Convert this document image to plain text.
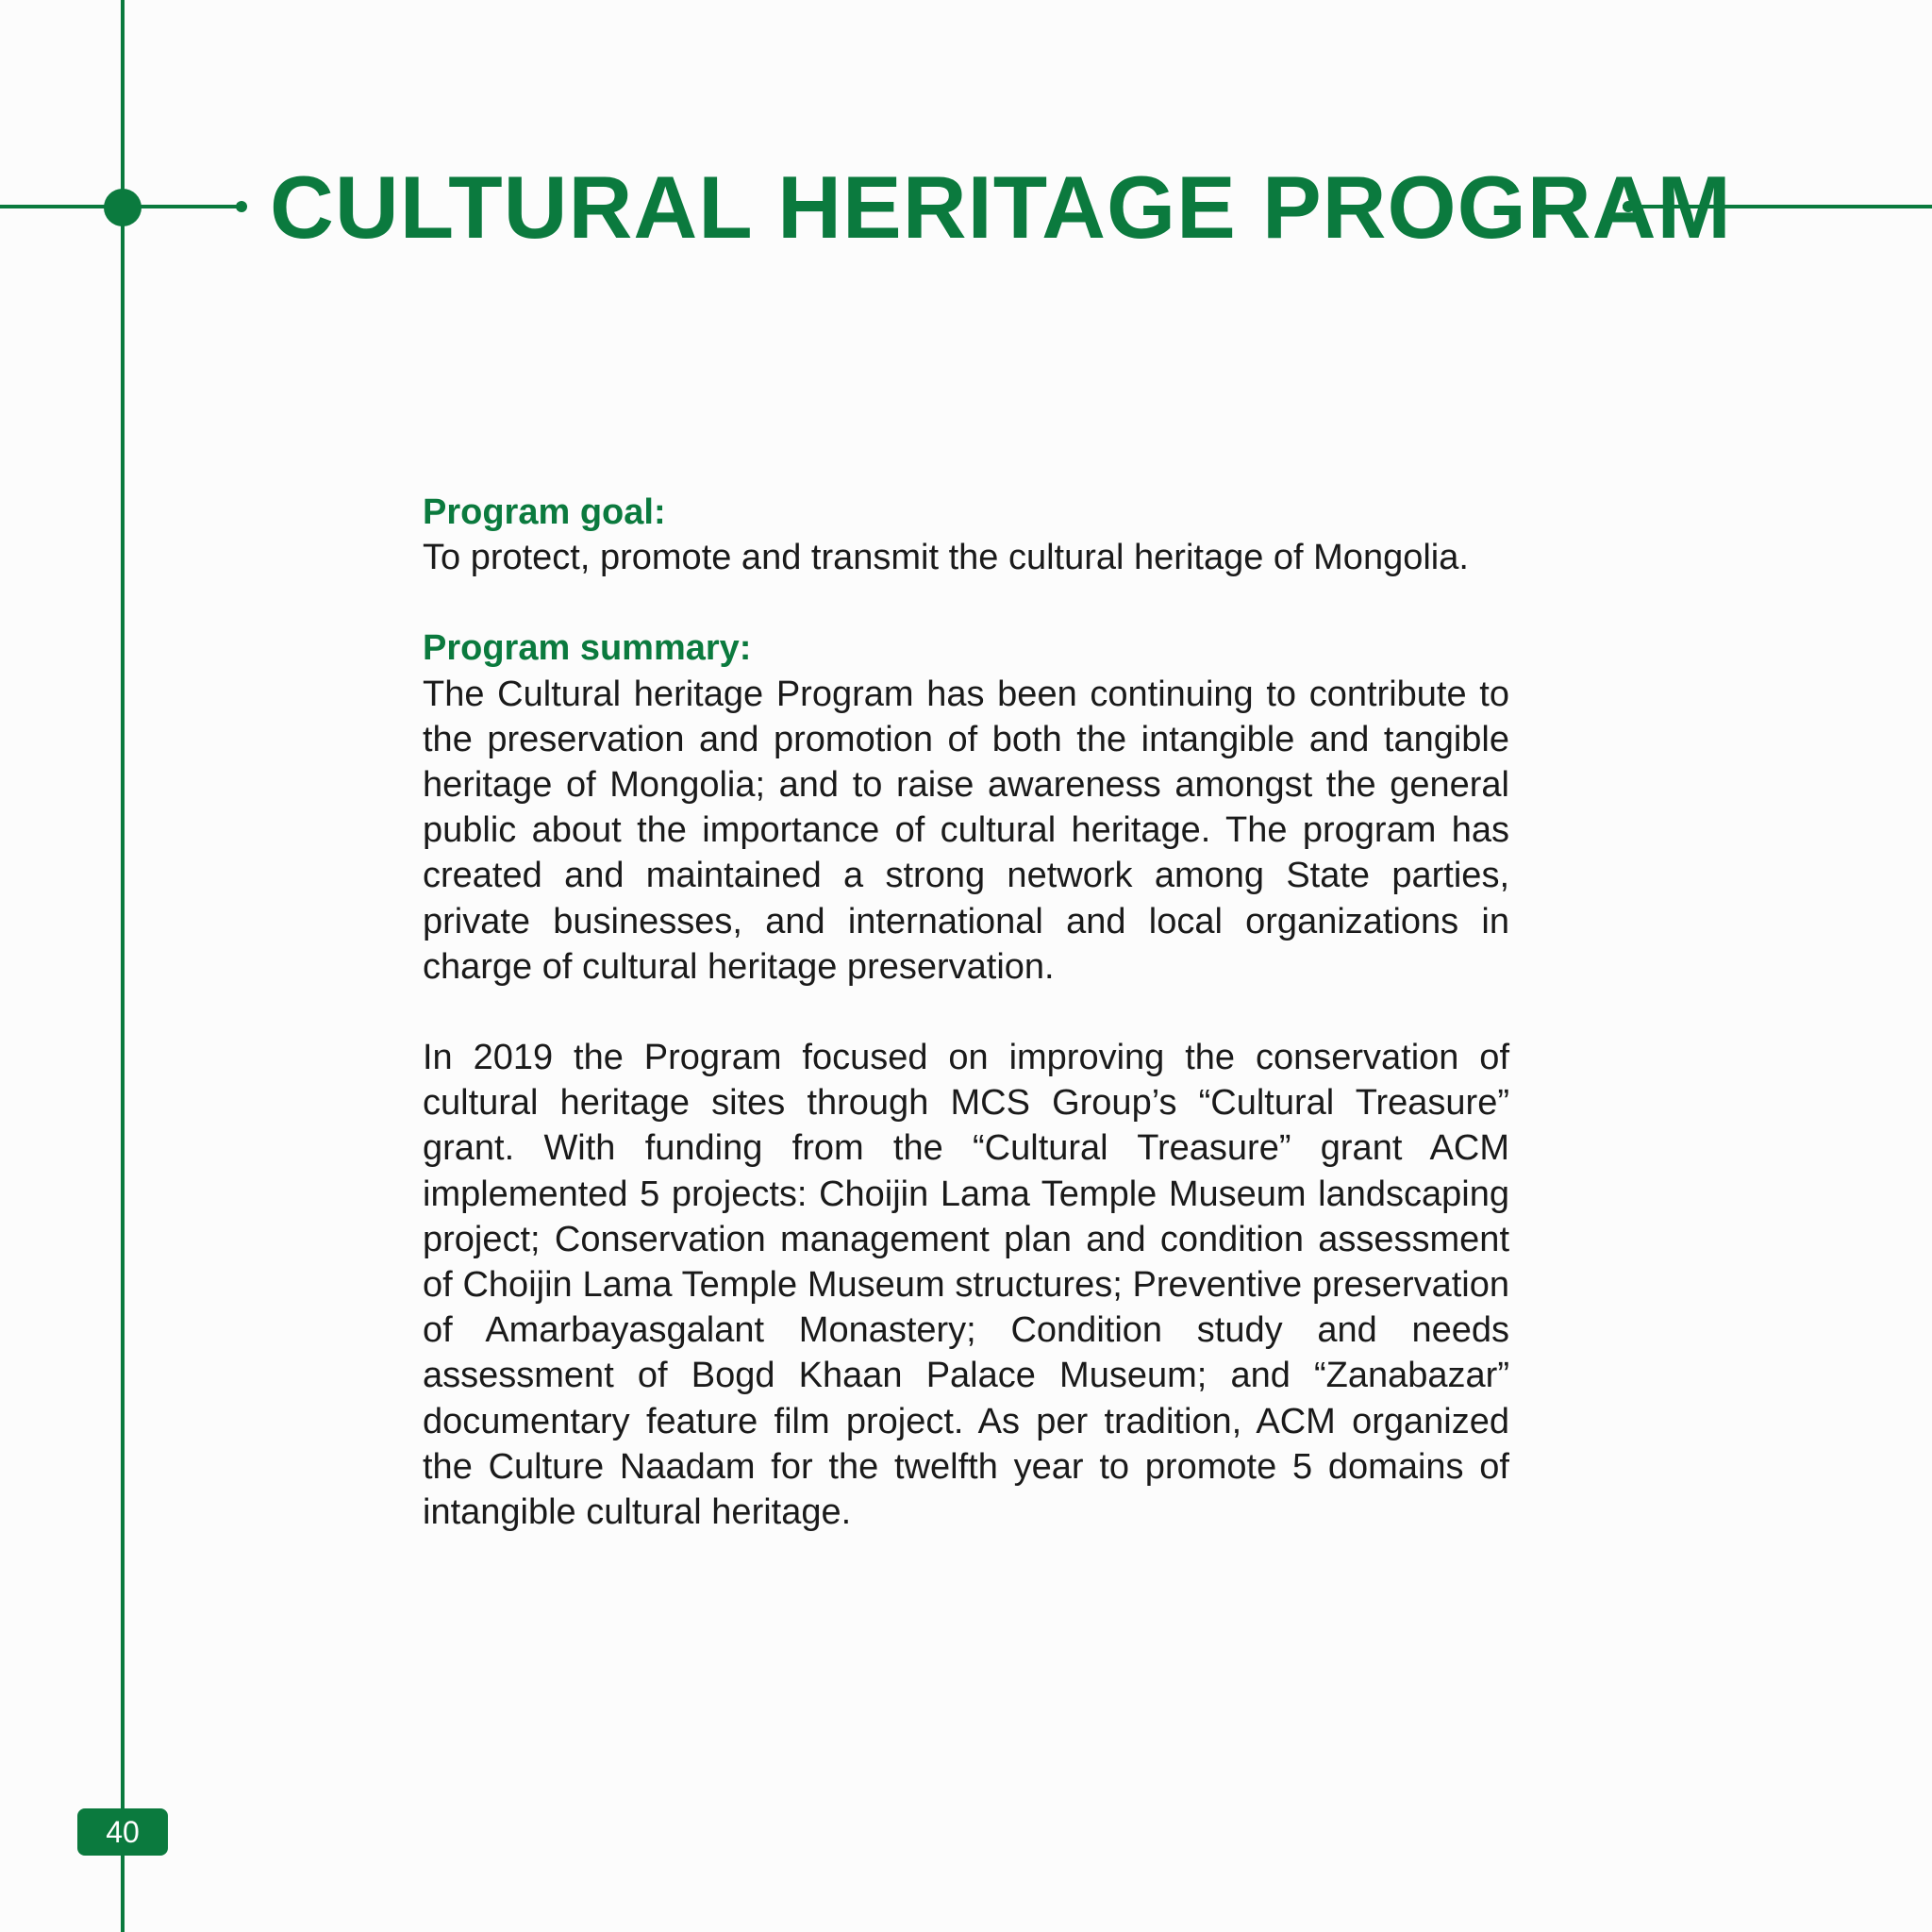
CULTURAL HERITAGE PROGRAM
Program goal:

To protect, promote and transmit the cultural heritage of Mongolia.

Program summary:

The Cultural heritage Program has been continuing to contribute to the preservation and promotion of both the intangible and tangible heritage of Mongolia; and to raise awareness amongst the general public about the importance of cultural heritage. The program has created and maintained a strong network among State parties, private businesses, and international and local organizations in charge of cultural heritage preservation.

In 2019 the Program focused on improving the conservation of cultural heritage sites through MCS Group’s “Cultural Treasure” grant. With funding from the “Cultural Treasure” grant ACM implemented 5 projects: Choijin Lama Temple Museum landscaping project; Conservation management plan and condition assessment of Choijin Lama Temple Museum structures; Preventive preservation of Amarbayasgalant Monastery; Condition study and needs assessment of Bogd Khaan Palace Museum; and “Zanabazar” documentary feature film project. As per tradition, ACM organized the Culture Naadam for the twelfth year to promote 5 domains of intangible cultural heritage.

40
